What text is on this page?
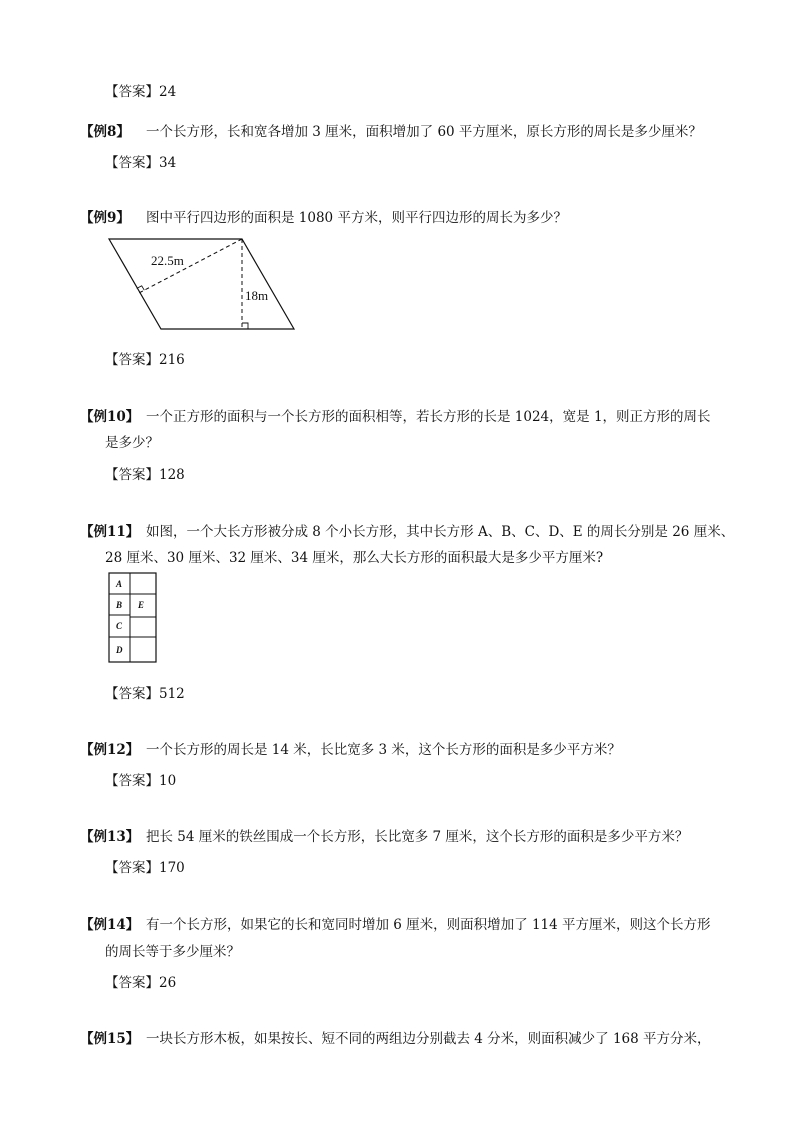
【答案】24
【例8】 一个长方形，长和宽各增加 3 厘米，面积增加了 60 平方厘米，原长方形的周长是多少厘米？
【答案】34
【例9】 图中平行四边形的面积是 1080 平方米，则平行四边形的周长为多少？
22.5m
18m
【答案】216
【例10】 一个正方形的面积与一个长方形的面积相等，若长方形的长是 1024，宽是 1，则正方形的周长
是多少？
【答案】128
【例11】 如图，一个大长方形被分成 8 个小长方形，其中长方形 A、B、C、D、E 的周长分别是 26 厘米、
28 厘米、30 厘米、32 厘米、34 厘米，那么大长方形的面积最大是多少平方厘米?
A
B E
C
D
【答案】512
【例12】 一个长方形的周长是 14 米，长比宽多 3 米，这个长方形的面积是多少平方米？
【答案】10
【例13】 把长 54 厘米的铁丝围成一个长方形，长比宽多 7 厘米，这个长方形的面积是多少平方米？
【答案】170
【例14】 有一个长方形，如果它的长和宽同时增加 6 厘米，则面积增加了 114 平方厘米，则这个长方形
的周长等于多少厘米？
【答案】26
【例15】 一块长方形木板，如果按长、短不同的两组边分别截去 4 分米，则面积减少了 168 平方分米，
